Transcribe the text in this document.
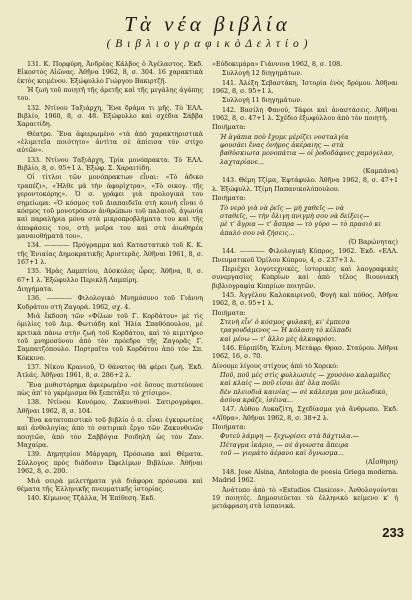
Τὰ νέα βιβλία
( Β ι β λ ι ο γ ρ α φ ι κ ὸ Δ ε λ τ ί ο )
131. Κ. Πορφύρη, Ἀνδρέας Κάλβος ὁ Ἀγέλαστος. Ἐκδ. Εἰκοστός Αἰῶνας. Ἀθῆνα 1962, 8, σ. 304. 16 χαρακτικὰ ἐκτὸς κειμένου. Ἐξώφυλλο Γιώργου Βακιρτζῆ.
Ἡ ζωὴ τοῦ ποιητῆ τῆς ἀρετῆς καὶ τῆς μεγάλης ἀγάπης του.
132. Ντίνου Ταξιάρχη, Ἕνα δράμα τι μῆς. Τὸ ἙΛΛ. Βιβλίο, 1960, 8, σ. 48. Ἐξώφυλλο καὶ σχέδια Σάββα Χαραιτίδη.
Θέατρο. Ἕνα ἀφιερωμένο «τὰ ἀπὸ χαρακτηριστικὰ «ἐλιμιτεῖα ποιότητο» ἀντὶτα σὲ ἀπίεισα τὸν στίχο αὐτῶν».
133. Ντίνου Ταξιάρχη, Τρία μονόπρακτα. Τὸ ἙΛΛ. Βιβλίο, 8, σ. 95+1 λ. Ἐξώφ. Σ. Χαραιτίδη.
Οἱ τίτλοι τῶν μονόπρακτων εἶναι: «Τὸ ἀδικο τραπέζι», «Ἠλθε μὰ τὴν ἀφορίχτρα», «Τὸ οικογ. τῆς γεροντοκόρης». Ὁ σ. γράφει γιὰ προλογικά του σημείωμα: «Ὁ κόσμος τοῦ Διαπαιδεῖα στὴ κοινὴ εἶναι ὁ κόσμος τοῦ μονοτρόπων ἀνθρώπων τοῦ παλαιοῦ, ἀγωνία καὶ παραλήρια μόνα στὰ μικροπροβλήματα του καὶ τῆς ἀποφάσεις του, στὴ μοῖρα του καὶ στὰ ἀιωθηρέα μαναιοθήματά του».
134. ———— Πρόγραμμα καὶ Καταστατικὸ τοῦ Κ. Κ. τῆς Ἐνιαίας Δημοκρατικῆς Ἀριστερᾶς. Ἀθῆναι 1961, 8, σ. 167+1 λ.
135. Ἠρὰς Λαμπτίου, Δύσκολες ὧρες. Ἀθῆνα, 8, σ. 67+1 λ. Ἐξώφυλλο Περικλῆ Λαμπίρη.
Διηγήματα.
136. ———— Φιλολογικὸ Μνημόσυνο τοῦ Γιάννη Κοδράτου στὴ Ζαγορά. 1962, σχ. 4.
Μιὰ ἔκδοση τῶν «Φίλων τοῦ Γ. Κορδάτου» μὲ τὶς ὁμιλίες τοῦ Διμ. Φωτιάδη καὶ Ἠλία Σπαθόπουλου, μὲ κριτικὰ πάνω στὴν ζωὴ τοῦ Κορδάτου, καὶ τὸ κιμιτήριο τοῦ μνημοσύνου ἀπὸ τὸν πρόεδρο τῆς Ζαγορᾶς Γ. Σαμπατζόπουλο. Πορτραῖτο τοῦ Κορδάτου ἀπὸ τὸν Σπ. Κόκκινο.
137. Νίκου Κρανιοῦ, Ὁ θάνατος θὰ φέρει ζωή. Ἐκδ. Ἀτλάς. Ἀθῆναι 1961, 8, σ. 286+2 λ.
Ἕνα μυθιστόρημα ἀφιερωμένο «σὲ ὅσους πιστεύουνε πὼς ἀπ' τὸ γκρέμισμα θὰ ξεπετάξει τὸ χτίσιμο».
138. Ντίνου Κονόμου, Ζακυνθινοὶ Σατιρογράφοι. Ἀθῆναι 1962, 8, σ. 104.
Ἕνα κατατοπιστικὸ τοῦ βιβλίο ὁ σ. εἶναι ἐγκυρωτέος καὶ ἀνθολογίας ἀπὸ τὸ σατιρικὸ ἔργο τῶν Ζακυνθινῶν ποιητῶν, ἀπὸ τὸν Σαββόγια Ροιδηλὴ ὡς τὸν Ζαν. Μαχαίρα.
139. Δημητρίου Μάργαρη, Πρόσωπα καὶ Θέματα. Σύλλογος πρὸς διάδοσιν Ὠφελίμων Βιβλίων. Ἀθῆναι 1962, 8, σ. 200.
Μιὰ σειρὰ μελετήματα γιὰ διάφορα πρόσωπα καὶ θέματα τῆς Ἑλληνικῆς πνευματικῆς ἱστορίας.
140. Κίμωνος Τζάλλα, Ἡ Ἐπίθεση. Ἐκδ.
«Εὐδοκιμάρα» Γιάννινα 1962, 8, σ. 108.
Συλλογὴ 12 διηγημάτων.
141. Ἀλέξη Σεβαστάκη, Ἱστορία ἑνὸς δρόμου. Ἀθῆναι 1962, 8, σ. 95+1 λ.
Συλλογὴ 11 διηγημάτων.
142. Βασίλη Φανού, Τάφοι καὶ ἀναστάσεις. Ἀθῆναι 1962, 8, σ. 47+1 λ. Σχέδιο ἐξωφύλλου ἀπὸ τὸν ποιητή.
Ποιήματα:
Ἡ ἀγάπια ποὺ ἔχομε μέρίζει νοσταλγία
φουσάει ἔνας ὁνήμος ἀκέραιης — στὰ
βαθύσκιωτα μονοπάτια — οἱ ῥοδοδάφνες χαμόγελαν, λαχταρίανε...
(Καμπάνα)
143. Θέμη Τζίμα, Ἐφτάφυλο. Ἀθῆνα 1962, 8, σ. 47+1 λ. Ἐξώφυλλ. Τζίμη Παπανικολόπουλου.
Ποιήματα:
Τὸ νερὸ γιὰ νὰ ῥεῖς — μὴ χαθεῖς — νὰ
σταθεῖς, — τὴν ὄλιγη πνιγμὴ σου νὰ δείξεις—
μὲ τ' ἄγρια — τ' ἄσπρα — τὸ γύρο — τὸ πρασιὸ κι ἀπαλὸ σου νὰ ζήσεις...
(Ὁ Βαρώνητας)
144. ———— Φιλολογικὴ Κύπρος, 1962. Ἐκδ. «ΕΛΛ. Πνευματικοῦ Ὁμίλου Κύπρου, 4, σ. 237+3 λ.
Περιέχει λογοτεχνικὲς, ἱστορικὲς καὶ λαογραφικὲς συνεργασίες Κυπρίων καὶ ἀπὸ τέλος 8ιουνιακὴ βιβλιογραφία Κυπρίων ποιητῶν.
145. Ἀγγέλου Καλοκαιρινοῦ, Φυγὴ καὶ πόθος. Ἀθῆνα 1962, 8, σ. 95+1 λ.
Ποιήματα:
Στενὴ εἶν' ὁ κόσμος φυλακή, κι' ἐμπεσα
τραγουδάμενος — Ἡ κόλαση τὸ κέλπαδι
καὶ μένω — τ' ἄλλο μὲς ἀλκοφρόσι.
146. Εὐριπίδη, Ἑλένη. Μετάφρ. Θρασ. Σταύρου. Ἀθῆνα 1962, 16, σ. 70.
Δίνουμε λίγους στίχους ἀπὸ τὸ Χορικό:
Ποῦ, ποῦ μὲς στὶς φυλλωσιές — χρυσόνο καλαμίδες καὶ κλαίς — ποῦ εἶσαι ἀπ' ὅλα ποῦλι
δὲν πλειοδιά καινίας — σὲ κάλεσμα μου μελωδικὸ,
ἀσύνα κράζε, ἰσέινα...
147. Αὐθου Λυκαζίτη, Σχεδίασμα γιὰ ἄνθρωπο. Ἐκδ. «Αἴθρα». Ἀθῆναι 1962, 8, σ. 38+2 λ.
Ποιήματα:
Φυτεύ λάμψη — ξεχωρίσει στὰ δάχτυλα.—
Πέταγμα ἰκάριο, — σὲ ἀγνωστα ἄπειρα
τοῦ — γιομάτο ἀέρανο καὶ ὄγνωσμα...
(Αἴσθηση)
148. Jose Alsina, Antologia de poesia Griega moderna. Madrid 1962.
Ἀνάτυπο ἀπὸ τὸ «Estudios Clasicos». Ἀνθολογούνται 19 ποιητές. Δημοσιεύεται τὸ ἑλληνικὸ κείμενο κ' ἡ μετάφραση στὰ ἱσπανικά.
233
